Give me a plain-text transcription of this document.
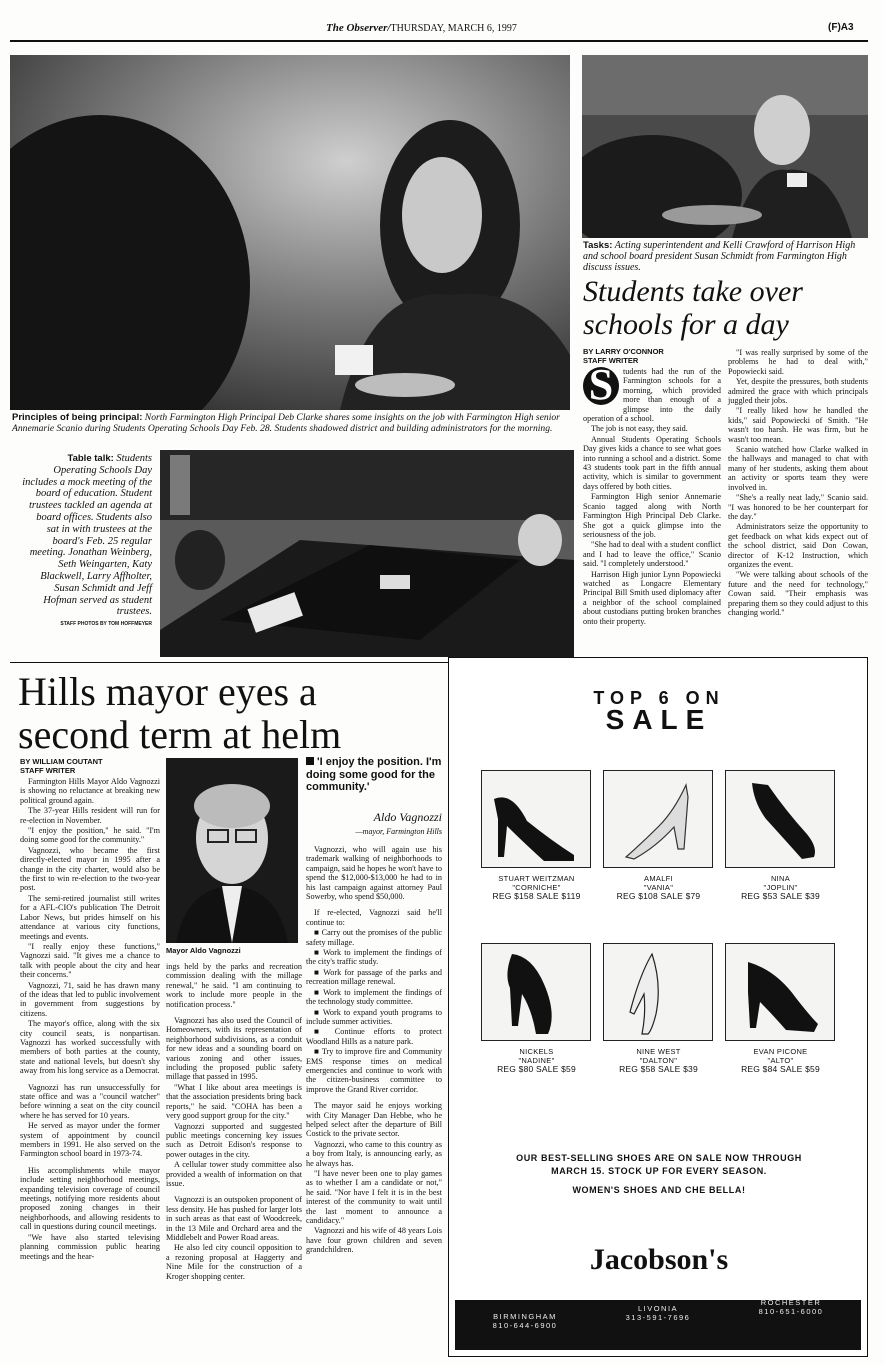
The Observer/THURSDAY, MARCH 6, 1997	(F)A3
Tasks: Acting superintendent and Kelli Crawford of Harrison High and school board president Susan Schmidt from Farmington High discuss issues.
Students take over
schools for a day
Principles of being principal: North Farmington High Principal Deb Clarke shares some insights on the job with Farmington High senior Annemarie Scanio during Students Operating Schools Day Feb. 28. Students shadowed district and building administrators for the morning.
Table talk: Students Operating Schools Day includes a mock meeting of the board of education. Student trustees tackled an agenda at board offices. Students also sat in with trustees at the board's Feb. 25 regular meeting. Jonathan Weinberg, Seth Weingarten, Katy Blackwell, Larry Affholter, Susan Schmidt and Jeff Hofman served as student trustees.
STAFF PHOTOS BY TOM HOFFMEYER
BY LARRY O'CONNOR
STAFF WRITER
S	tudents had the run of the Farmington schools for a morning, which provided more than enough of a glimpse into the daily operation of a school.

The job is not easy, they said.

Annual Students Operating Schools Day gives kids a chance to see what goes into running a school and a district. Some 43 students took part in the fifth annual activity, which is similar to government days offered by both cities.

Farmington High senior Annemarie Scanio tagged along with North Farmington High Principal Deb Clarke. She got a quick glimpse into the seriousness of the job.

"She had to deal with a student conflict and I had to leave the office," Scanio said. "I completely understood."

Harrison High junior Lynn Popowiecki watched as Longacre Elementary Principal Bill Smith used diplomacy after a neighbor of the school complained about custodians putting broken branches onto their property.

"I was really surprised by some of the problems he had to deal with," Popowiecki said.

Yet, despite the pressures, both students admired the grace with which principals juggled their jobs.

"I really liked how he handled the kids," said Popowiecki of Smith. "He wasn't too harsh. He was firm, but he wasn't too mean.

Scanio watched how Clarke walked in the hallways and managed to chat with many of her students, asking them about an activity or sports team they were involved in.

"She's a really neat lady," Scanio said. "I was honored to be her counterpart for the day."

Administrators seize the opportunity to get feedback on what kids expect out of the school district, said Don Cowan, director of K-12 Instruction, which organizes the event.

"We were talking about schools of the future and the need for technology," Cowan said. "Their emphasis was preparing them so they could adjust to this changing world."

Hills mayor eyes a
second term at helm
BY WILLIAM COUTANT
STAFF WRITER

Farmington Hills Mayor Aldo Vagnozzi is showing no reluctance at breaking new political ground again.

The 37-year Hills resident will run for re-election in November.

"I enjoy the position," he said. "I'm doing some good for the community."

Vagnozzi, who became the first directly-elected mayor in 1995 after a change in the city charter, would also be the first to win re-election to the two-year post.

The semi-retired journalist still writes for a AFL-CIO's publication The Detroit Labor News, but prides himself on his attendance at various city functions, meetings and events.

"I really enjoy these functions," Vagnozzi said. "It gives me a chance to talk with people about the city and hear their concerns."

Vagnozzi, 71, said he has drawn many of the ideas that led to public involvement in government from suggestions by citizens.

The mayor's office, along with the six city council seats, is nonpartisan. Vagnozzi has worked successfully with members of both parties at the county, state and national levels, but doesn't shy away from his long service as a Democrat.

Vagnozzi has run unsuccessfully for state office and was a "council watcher" before winning a seat on the city council where he has served for 10 years.

He served as mayor under the former system of appointment by council members in 1991. He also served on the Farmington school board in 1973-74.

His accomplishments while mayor include setting neighborhood meetings, expanding television coverage of council meetings, notifying more residents about proposed zoning changes in their neighborhoods, and allowing residents to call in questions during council meetings.

"We have also started televising planning commission public hearing meetings and the hear-

Mayor Aldo Vagnozzi

ings held by the parks and recreation commission dealing with the millage renewal," he said. "I am continuing to work to include more people in the notification process."

Vagnozzi has also used the Council of Homeowners, with its representation of neighborhood subdivisions, as a conduit for new ideas and a sounding board on various zoning and other issues, including the proposed public safety millage that passed in 1995.

"What I like about area meetings is that the association presidents bring back reports," he said. "COHA has been a very good support group for the city."

Vagnozzi supported and suggested public meetings concerning key issues such as Detroit Edison's response to power outages in the city.

A cellular tower study committee also provided a wealth of information on that issue.

Vagnozzi is an outspoken proponent of less density. He has pushed for larger lots in such areas as that east of Woodcreek, in the 13 Mile and Orchard area and the Middlebelt and Power Road areas.

He also led city council opposition to a rezoning proposal at Haggerty and Nine Mile for the construction of a Kroger shopping center.

'I enjoy the position. I'm doing some good for the community.'
Aldo Vagnozzi
—mayor, Farmington Hills

Vagnozzi, who will again use his trademark walking of neighborhoods to campaign, said he hopes he won't have to spend the $12,000-$13,000 he had to in his last campaign against attorney Paul Sowerby, who spend $50,000.

If re-elected, Vagnozzi said he'll continue to:

■ Carry out the promises of the public safety millage.

■ Work to implement the findings of the city's traffic study.

■ Work for passage of the parks and recreation millage renewal.

■ Work to implement the findings of the technology study committee.

■ Work to expand youth programs to include summer activities.

■ Continue efforts to protect Woodland Hills as a nature park.

■ Try to improve fire and Community EMS response times on medical emergencies and continue to work with the citizen-business committee to improve the Grand River corridor.

The mayor said he enjoys working with City Manager Dan Hebbe, who he helped select after the departure of Bill Costick to the private sector.

Vagnozzi, who came to this country as a boy from Italy, is announcing early, as he always has.

"I have never been one to play games as to whether I am a candidate or not," he said. "Nor have I felt it is in the best interest of the community to wait until the last moment to announce a candidacy."

Vagnozzi and his wife of 48 years Lois have four grown children and seven grandchildren.

TOP 6 ON
SALE
STUART WEITZMAN
"CORNICHE"
REG $158 SALE $119
AMALFI
"VANIA"
REG $108 SALE $79
NINA
"JOPLIN"
REG $53 SALE $39
NICKELS
"NADINE"
REG $80 SALE $59
NINE WEST
"DALTON"
REG $58 SALE $39
EVAN PICONE
"ALTO"
REG $84 SALE $59
OUR BEST-SELLING SHOES ARE ON SALE NOW THROUGH
MARCH 15. STOCK UP FOR EVERY SEASON.
WOMEN'S SHOES AND CHE BELLA!
Jacobson's
BIRMINGHAM
810-644-6900
LIVONIA
313-591-7696
ROCHESTER
810-651-6000
